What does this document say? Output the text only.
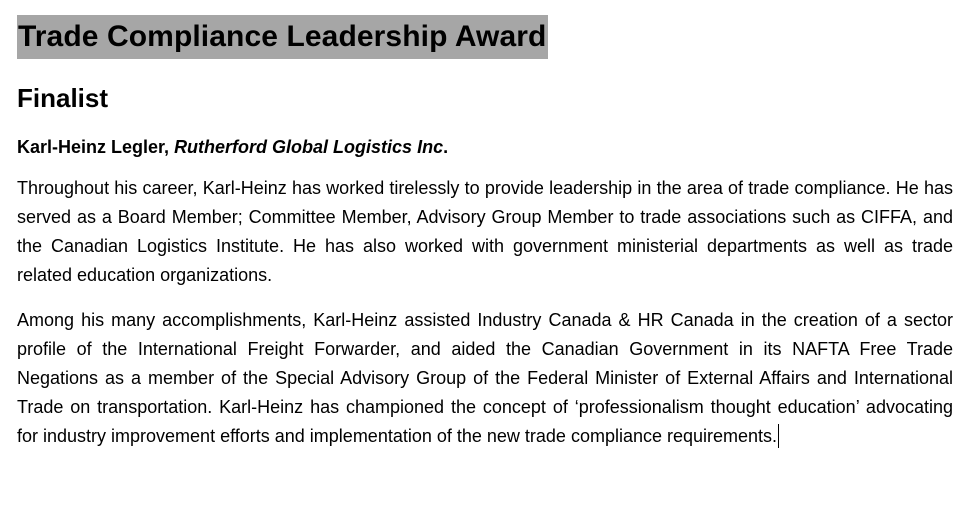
Trade Compliance Leadership Award
Finalist

Karl-Heinz Legler, Rutherford Global Logistics Inc.

Throughout his career, Karl-Heinz has worked tirelessly to provide leadership in the area of trade compliance. He has served as a Board Member; Committee Member, Advisory Group Member to trade associations such as CIFFA, and the Canadian Logistics Institute. He has also worked with government ministerial departments as well as trade related education organizations.

Among his many accomplishments, Karl-Heinz assisted Industry Canada & HR Canada in the creation of a sector profile of the International Freight Forwarder, and aided the Canadian Government in its NAFTA Free Trade Negations as a member of the Special Advisory Group of the Federal Minister of External Affairs and International Trade on transportation. Karl-Heinz has championed the concept of ‘professionalism thought education’ advocating for industry improvement efforts and implementation of the new trade compliance requirements.
